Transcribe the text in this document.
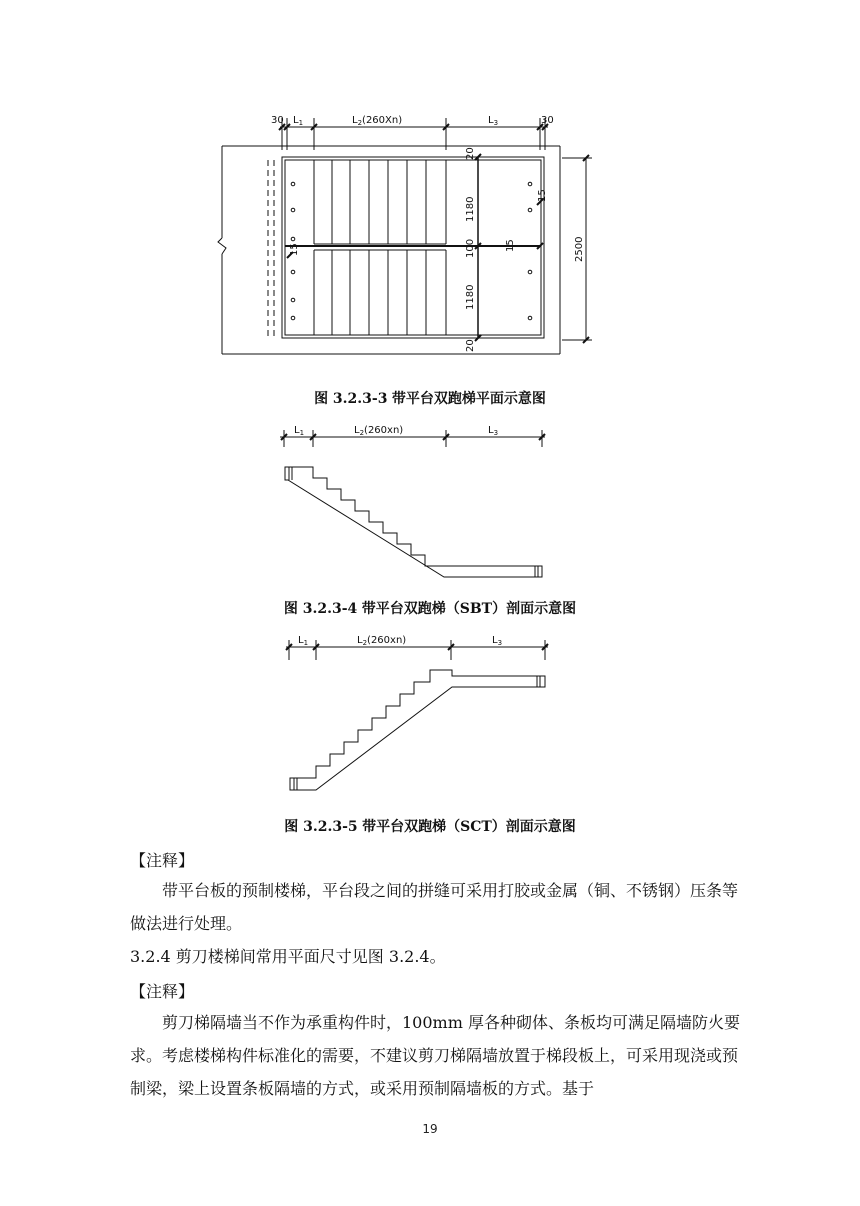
30 $L_1$	$L_2(260Xn)$	$L_3$	30
20
1180
100
1180
20
2500
15
15
15
图 3.2.3-3 带平台双跑梯平面示意图
$L_1$	$L_2(260xn)$	$L_3$
图 3.2.3-4 带平台双跑梯（SBT）剖面示意图
$L_1$	$L_2(260xn)$	$L_3$
图 3.2.3-5 带平台双跑梯（SCT）剖面示意图
【注释】
带平台板的预制楼梯，平台段之间的拼缝可采用打胶或金属（铜、不锈钢）压条等做法进行处理。
3.2.4 剪刀楼梯间常用平面尺寸见图 3.2.4。
【注释】
剪刀梯隔墙当不作为承重构件时，100mm 厚各种砌体、条板均可满足隔墙防火要求。考虑楼梯构件标准化的需要，不建议剪刀梯隔墙放置于梯段板上，可采用现浇或预制梁，梁上设置条板隔墙的方式，或采用预制隔墙板的方式。基于
19
